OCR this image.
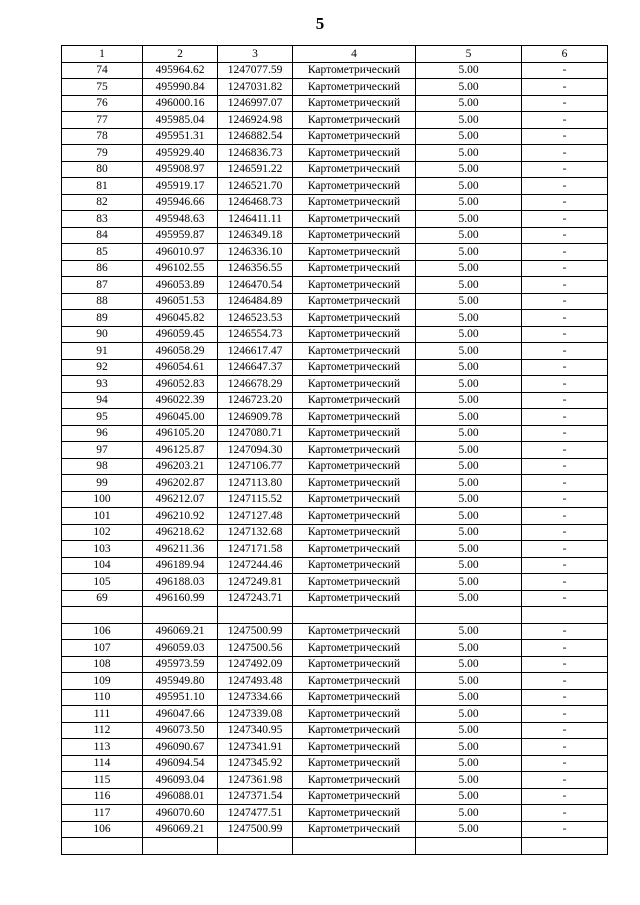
5
1	2	3	4	5	6
74	495964.62	1247077.59	Картометрический	5.00	-
75	495990.84	1247031.82	Картометрический	5.00	-
76	496000.16	1246997.07	Картометрический	5.00	-
77	495985.04	1246924.98	Картометрический	5.00	-
78	495951.31	1246882.54	Картометрический	5.00	-
79	495929.40	1246836.73	Картометрический	5.00	-
80	495908.97	1246591.22	Картометрический	5.00	-
81	495919.17	1246521.70	Картометрический	5.00	-
82	495946.66	1246468.73	Картометрический	5.00	-
83	495948.63	1246411.11	Картометрический	5.00	-
84	495959.87	1246349.18	Картометрический	5.00	-
85	496010.97	1246336.10	Картометрический	5.00	-
86	496102.55	1246356.55	Картометрический	5.00	-
87	496053.89	1246470.54	Картометрический	5.00	-
88	496051.53	1246484.89	Картометрический	5.00	-
89	496045.82	1246523.53	Картометрический	5.00	-
90	496059.45	1246554.73	Картометрический	5.00	-
91	496058.29	1246617.47	Картометрический	5.00	-
92	496054.61	1246647.37	Картометрический	5.00	-
93	496052.83	1246678.29	Картометрический	5.00	-
94	496022.39	1246723.20	Картометрический	5.00	-
95	496045.00	1246909.78	Картометрический	5.00	-
96	496105.20	1247080.71	Картометрический	5.00	-
97	496125.87	1247094.30	Картометрический	5.00	-
98	496203.21	1247106.77	Картометрический	5.00	-
99	496202.87	1247113.80	Картометрический	5.00	-
100	496212.07	1247115.52	Картометрический	5.00	-
101	496210.92	1247127.48	Картометрический	5.00	-
102	496218.62	1247132.68	Картометрический	5.00	-
103	496211.36	1247171.58	Картометрический	5.00	-
104	496189.94	1247244.46	Картометрический	5.00	-
105	496188.03	1247249.81	Картометрический	5.00	-
69	496160.99	1247243.71	Картометрический	5.00	-

106	496069.21	1247500.99	Картометрический	5.00	-
107	496059.03	1247500.56	Картометрический	5.00	-
108	495973.59	1247492.09	Картометрический	5.00	-
109	495949.80	1247493.48	Картометрический	5.00	-
110	495951.10	1247334.66	Картометрический	5.00	-
111	496047.66	1247339.08	Картометрический	5.00	-
112	496073.50	1247340.95	Картометрический	5.00	-
113	496090.67	1247341.91	Картометрический	5.00	-
114	496094.54	1247345.92	Картометрический	5.00	-
115	496093.04	1247361.98	Картометрический	5.00	-
116	496088.01	1247371.54	Картометрический	5.00	-
117	496070.60	1247477.51	Картометрический	5.00	-
106	496069.21	1247500.99	Картометрический	5.00	-
